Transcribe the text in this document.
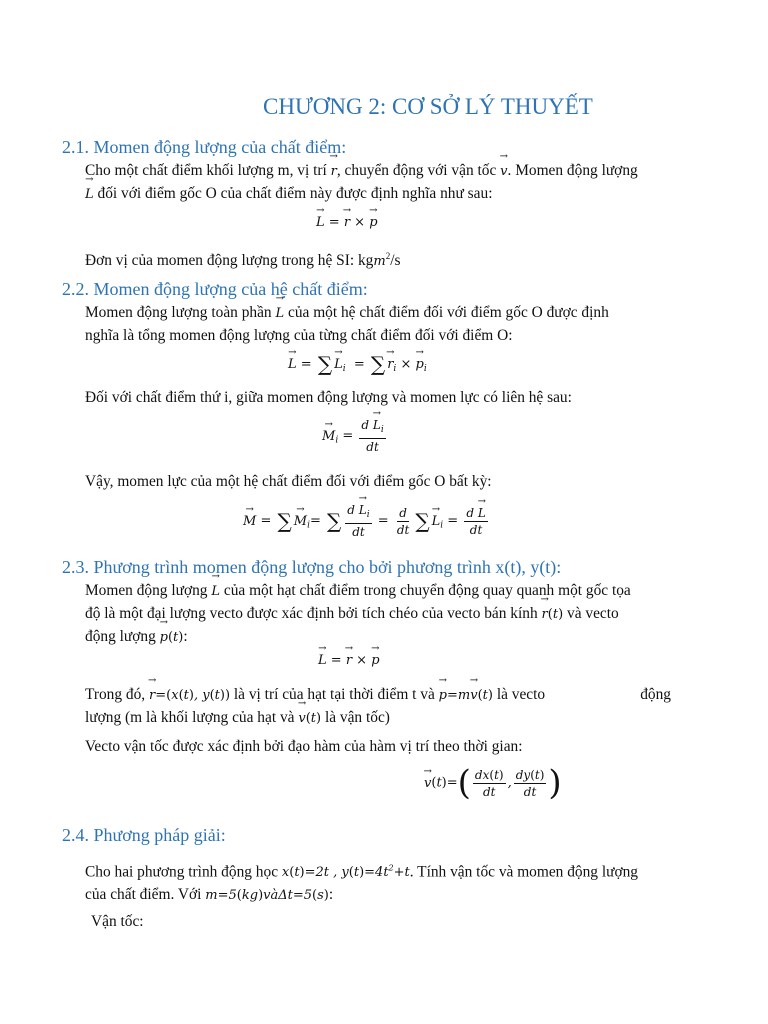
CHƯƠNG 2: CƠ SỞ LÝ THUYẾT
2.1. Momen động lượng của chất điểm:
Cho một chất điểm khối lượng m, vị trí → r, chuyển động với vận tốc → v. Momen động lượng
→ L đối với điểm gốc O của chất điểm này được định nghĩa như sau:
→ L = → r × → p
Đơn vị của momen động lượng trong hệ SI: kgm$^2$/s
2.2. Momen động lượng của hệ chất điểm:
Momen động lượng toàn phần → L của một hệ chất điểm đối với điểm gốc O được định
nghĩa là tổng momen động lượng của từng chất điểm đối với điểm O:
→ L = ∑ → $L_i$  = ∑ → $r_i$ × → $p_i$
Đối với chất điểm thứ i, giữa momen động lượng và momen lực có liên hệ sau:
→ $M_i = \frac{d \to L_i}{dt}$
Vậy, momen lực của một hệ chất điểm đối với điểm gốc O bất kỳ:
→ M = ∑ → $M_i=$ ∑ $\frac{d \to L_i}{dt} = \frac{d}{dt}$ ∑ → $L_i = \frac{d \to L}{dt}$
2.3. Phương trình momen động lượng cho bởi phương trình x(t), y(t):
Momen động lượng → L của một hạt chất điểm trong chuyển động quay quanh một gốc tọa
độ là một đại lượng vecto được xác định bởi tích chéo của vecto bán kính → r(t) và vecto
động lượng → p(t):
→ L = → r × → p
Trong đó, → r=(x(t), y(t)) là vị trí của hạt tại thời điểm t và → p=m→ v(t) là vecto	động
lượng (m là khối lượng của hạt và → v(t) là vận tốc)
Vecto vận tốc được xác định bởi đạo hàm của hàm vị trí theo thời gian:
→ $v(t)=( \frac{dx(t)}{dt}$ , $\frac{dy(t)}{dt}$ )
2.4. Phương pháp giải:
Cho hai phương trình động học x(t)=2t , $y(t)=4t^2+t$. Tính vận tốc và momen động lượng
của chất điểm. Với m=5(kg)vàΔt=5(s):
Vận tốc:
